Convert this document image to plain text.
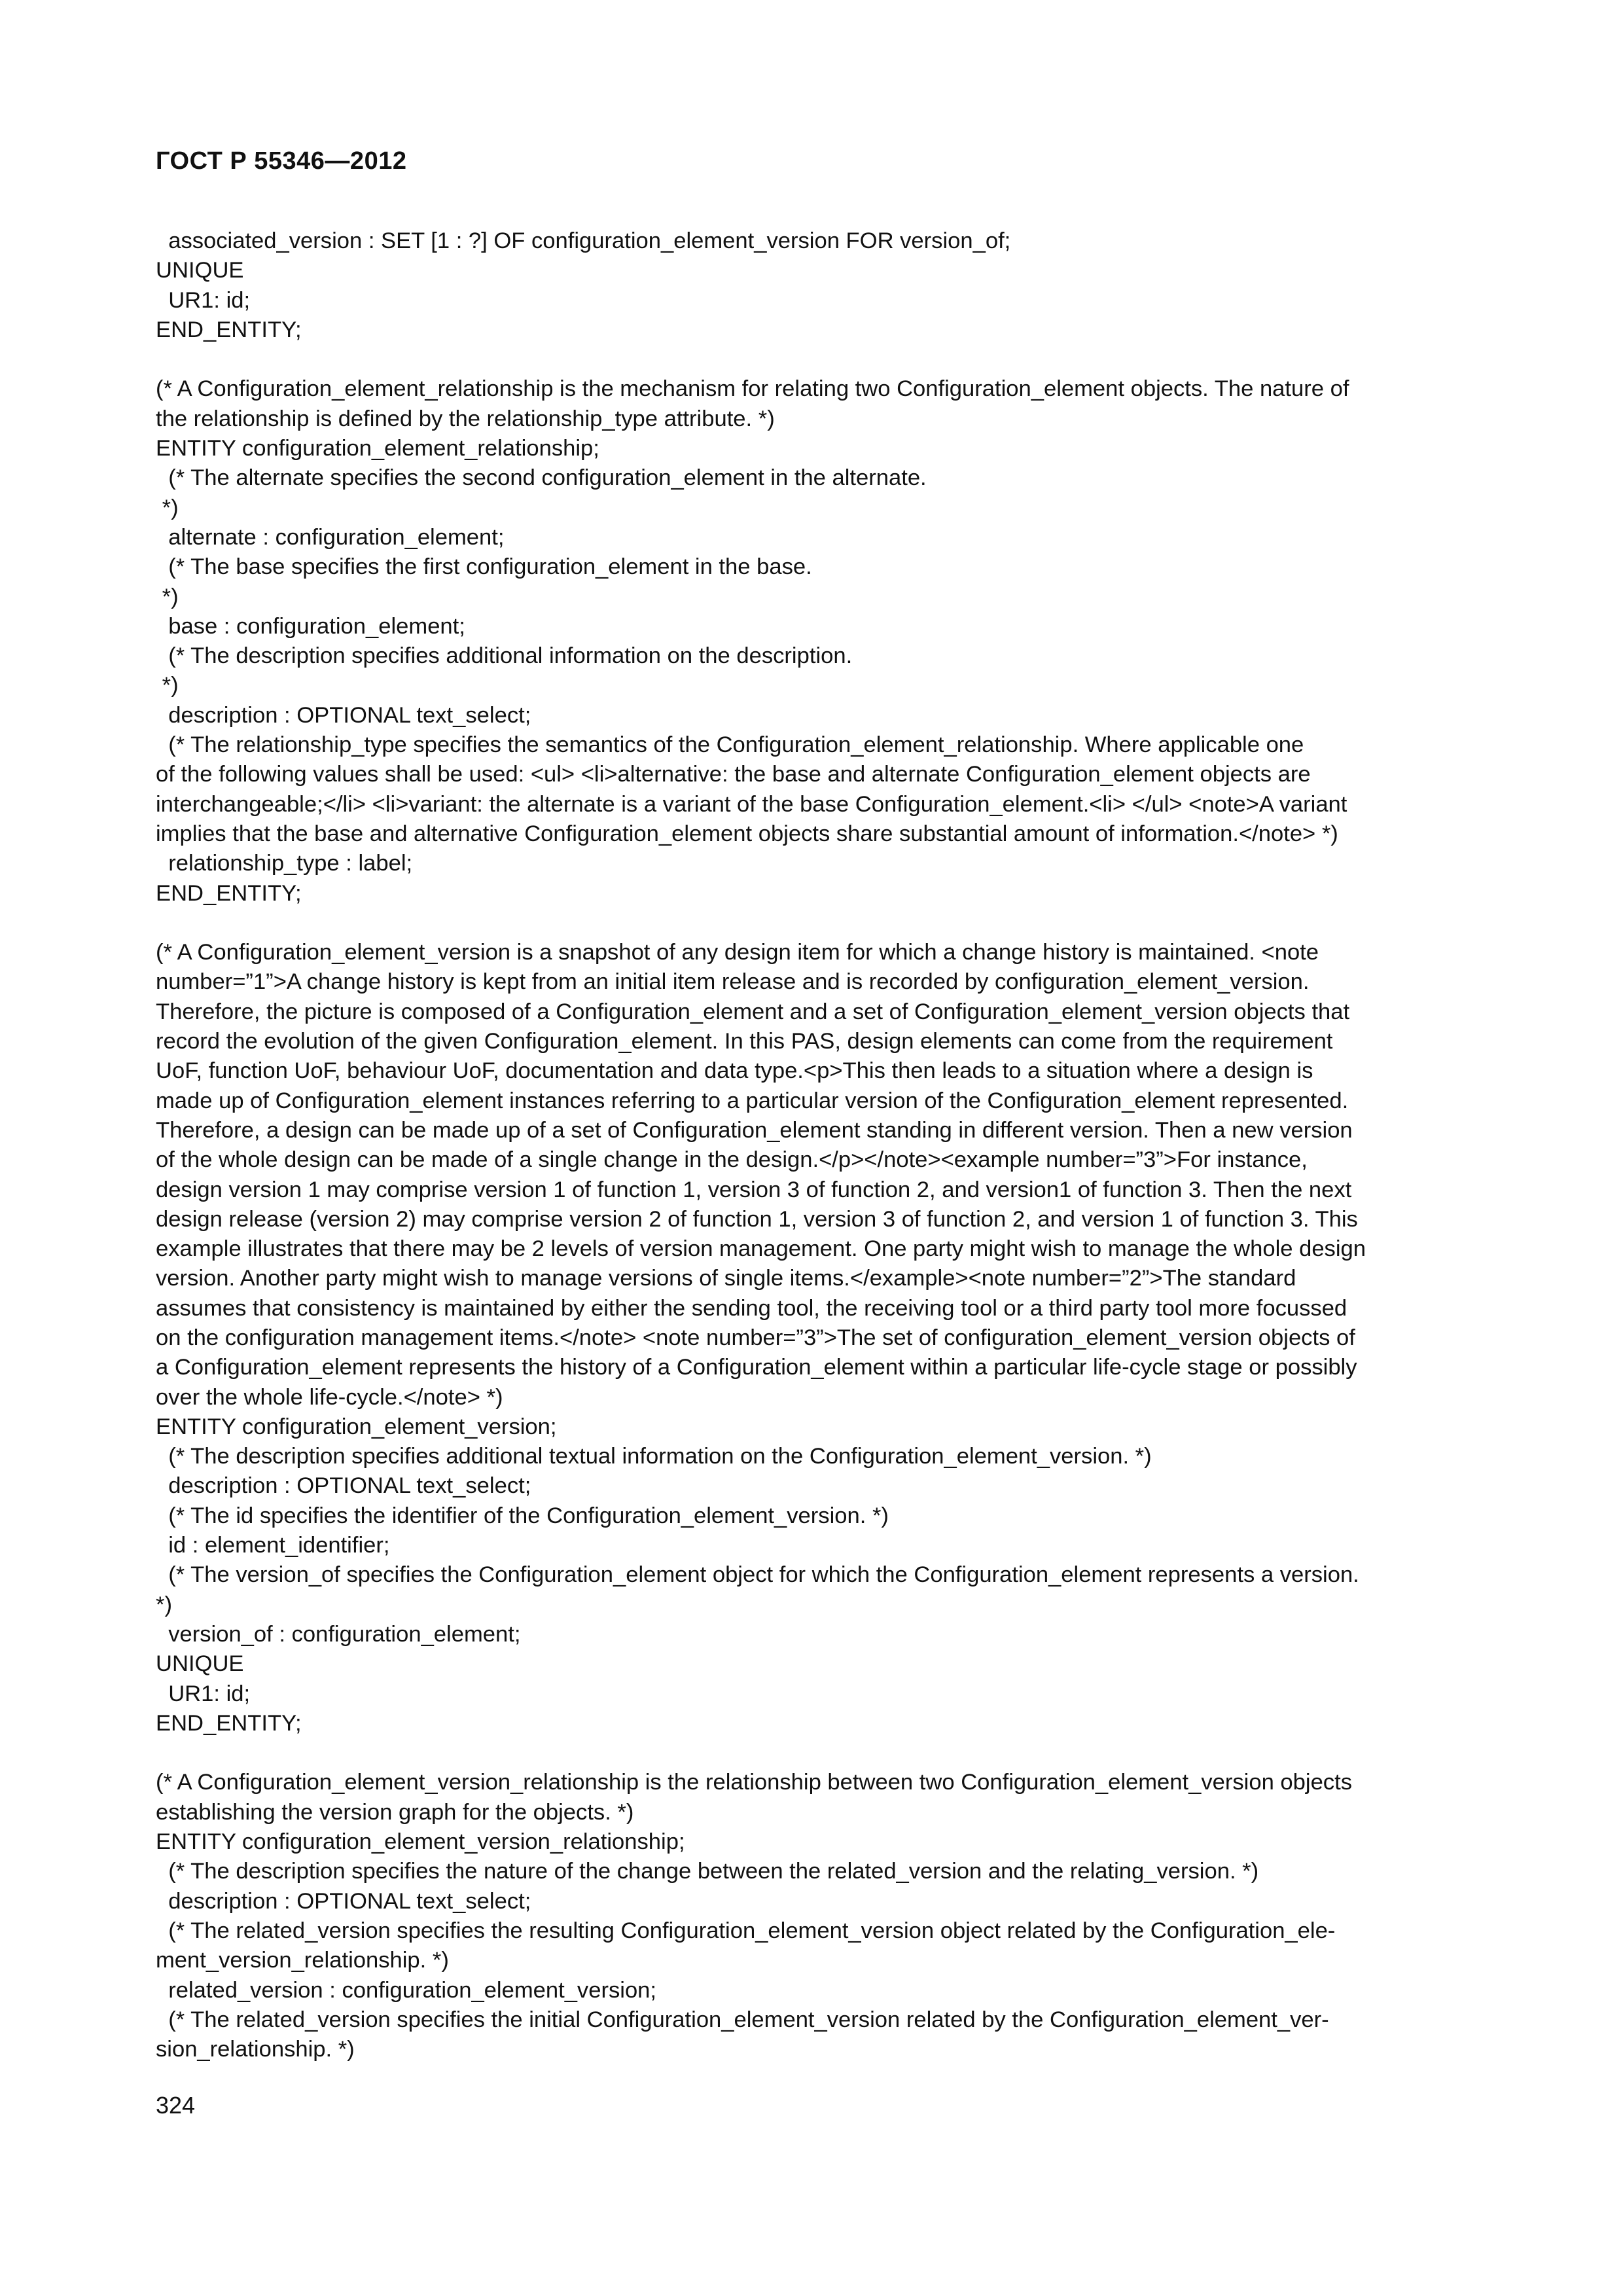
ГОСТ Р 55346—2012
associated_version : SET [1 : ?] OF configuration_element_version FOR version_of;
UNIQUE
UR1: id;
END_ENTITY;
(* A Configuration_element_relationship is the mechanism for relating two Configuration_element objects. The nature of
the relationship is defined by the relationship_type attribute. *)
ENTITY configuration_element_relationship;
(* The alternate specifies the second configuration_element in the alternate.
*)
alternate : configuration_element;
(* The base specifies the first configuration_element in the base.
*)
base : configuration_element;
(* The description specifies additional information on the description.
*)
description : OPTIONAL text_select;
(* The relationship_type specifies the semantics of the Configuration_element_relationship. Where applicable one
of the following values shall be used: <ul> <li>alternative: the base and alternate Configuration_element objects are
interchangeable;</li> <li>variant: the alternate is a variant of the base Configuration_element.<li> </ul> <note>A variant
implies that the base and alternative Configuration_element objects share substantial amount of information.</note> *)
relationship_type : label;
END_ENTITY;
(* A Configuration_element_version is a snapshot of any design item for which a change history is maintained. <note
number=”1”>A change history is kept from an initial item release and is recorded by configuration_element_version.
Therefore, the picture is composed of a Configuration_element and a set of Configuration_element_version objects that
record the evolution of the given Configuration_element. In this PAS, design elements can come from the requirement
UoF, function UoF, behaviour UoF, documentation and data type.<p>This then leads to a situation where a design is
made up of Configuration_element instances referring to a particular version of the Configuration_element represented.
Therefore, a design can be made up of a set of Configuration_element standing in different version. Then a new version
of the whole design can be made of a single change in the design.</p></note><example number=”3”>For instance,
design version 1 may comprise version 1 of function 1, version 3 of function 2, and version1 of function 3. Then the next
design release (version 2) may comprise version 2 of function 1, version 3 of function 2, and version 1 of function 3. This
example illustrates that there may be 2 levels of version management. One party might wish to manage the whole design
version. Another party might wish to manage versions of single items.</example><note number=”2”>The standard
assumes that consistency is maintained by either the sending tool, the receiving tool or a third party tool more focussed
on the configuration management items.</note> <note number=”3”>The set of configuration_element_version objects of
a Configuration_element represents the history of a Configuration_element within a particular life-cycle stage or possibly
over the whole life-cycle.</note> *)
ENTITY configuration_element_version;
(* The description specifies additional textual information on the Configuration_element_version. *)
description : OPTIONAL text_select;
(* The id specifies the identifier of the Configuration_element_version. *)
id : element_identifier;
(* The version_of specifies the Configuration_element object for which the Configuration_element represents a version.
*)
version_of : configuration_element;
UNIQUE
UR1: id;
END_ENTITY;
(* A Configuration_element_version_relationship is the relationship between two Configuration_element_version objects
establishing the version graph for the objects. *)
ENTITY configuration_element_version_relationship;
(* The description specifies the nature of the change between the related_version and the relating_version. *)
description : OPTIONAL text_select;
(* The related_version specifies the resulting Configuration_element_version object related by the Configuration_ele-
ment_version_relationship. *)
related_version : configuration_element_version;
(* The related_version specifies the initial Configuration_element_version related by the Configuration_element_ver-
sion_relationship. *)
324
